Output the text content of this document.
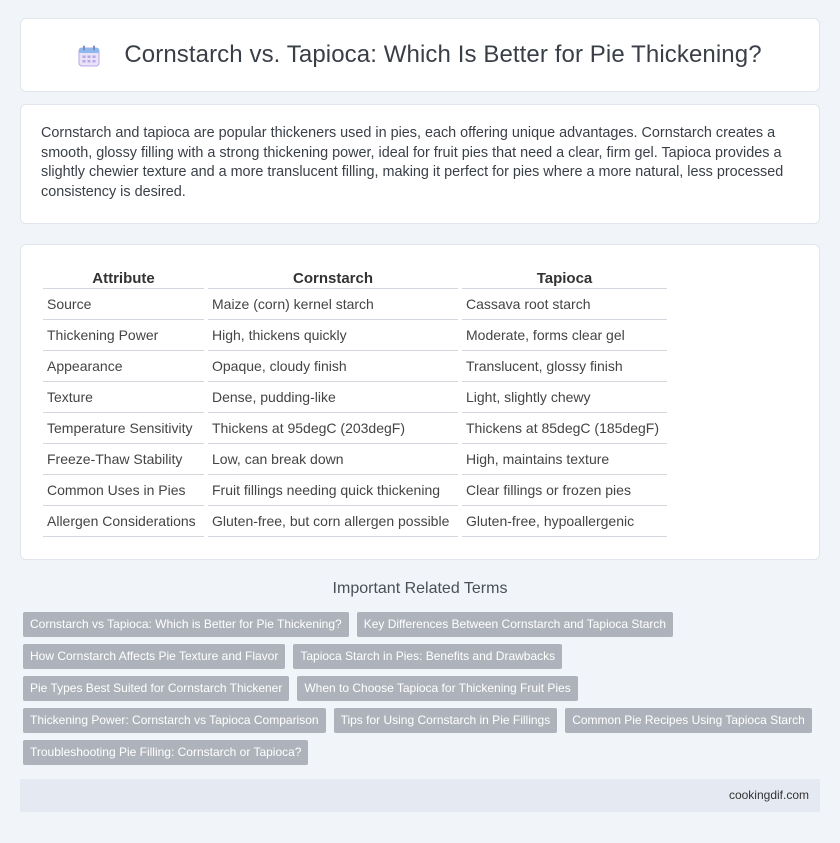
Cornstarch vs. Tapioca: Which Is Better for Pie Thickening?

Cornstarch and tapioca are popular thickeners used in pies, each offering unique advantages. Cornstarch creates a smooth, glossy filling with a strong thickening power, ideal for fruit pies that need a clear, firm gel. Tapioca provides a slightly chewier texture and a more translucent filling, making it perfect for pies where a more natural, less processed consistency is desired.

Attribute	Cornstarch	Tapioca
Source	Maize (corn) kernel starch	Cassava root starch
Thickening Power	High, thickens quickly	Moderate, forms clear gel
Appearance	Opaque, cloudy finish	Translucent, glossy finish
Texture	Dense, pudding-like	Light, slightly chewy
Temperature Sensitivity	Thickens at 95degC (203degF)	Thickens at 85degC (185degF)
Freeze-Thaw Stability	Low, can break down	High, maintains texture
Common Uses in Pies	Fruit fillings needing quick thickening	Clear fillings or frozen pies
Allergen Considerations	Gluten-free, but corn allergen possible	Gluten-free, hypoallergenic
Important Related Terms
Cornstarch vs Tapioca: Which is Better for Pie Thickening?	Key Differences Between Cornstarch and Tapioca Starch
How Cornstarch Affects Pie Texture and Flavor	Tapioca Starch in Pies: Benefits and Drawbacks
Pie Types Best Suited for Cornstarch Thickener	When to Choose Tapioca for Thickening Fruit Pies
Thickening Power: Cornstarch vs Tapioca Comparison	Tips for Using Cornstarch in Pie Fillings	Common Pie Recipes Using Tapioca Starch
Troubleshooting Pie Filling: Cornstarch or Tapioca?
cookingdif.com
